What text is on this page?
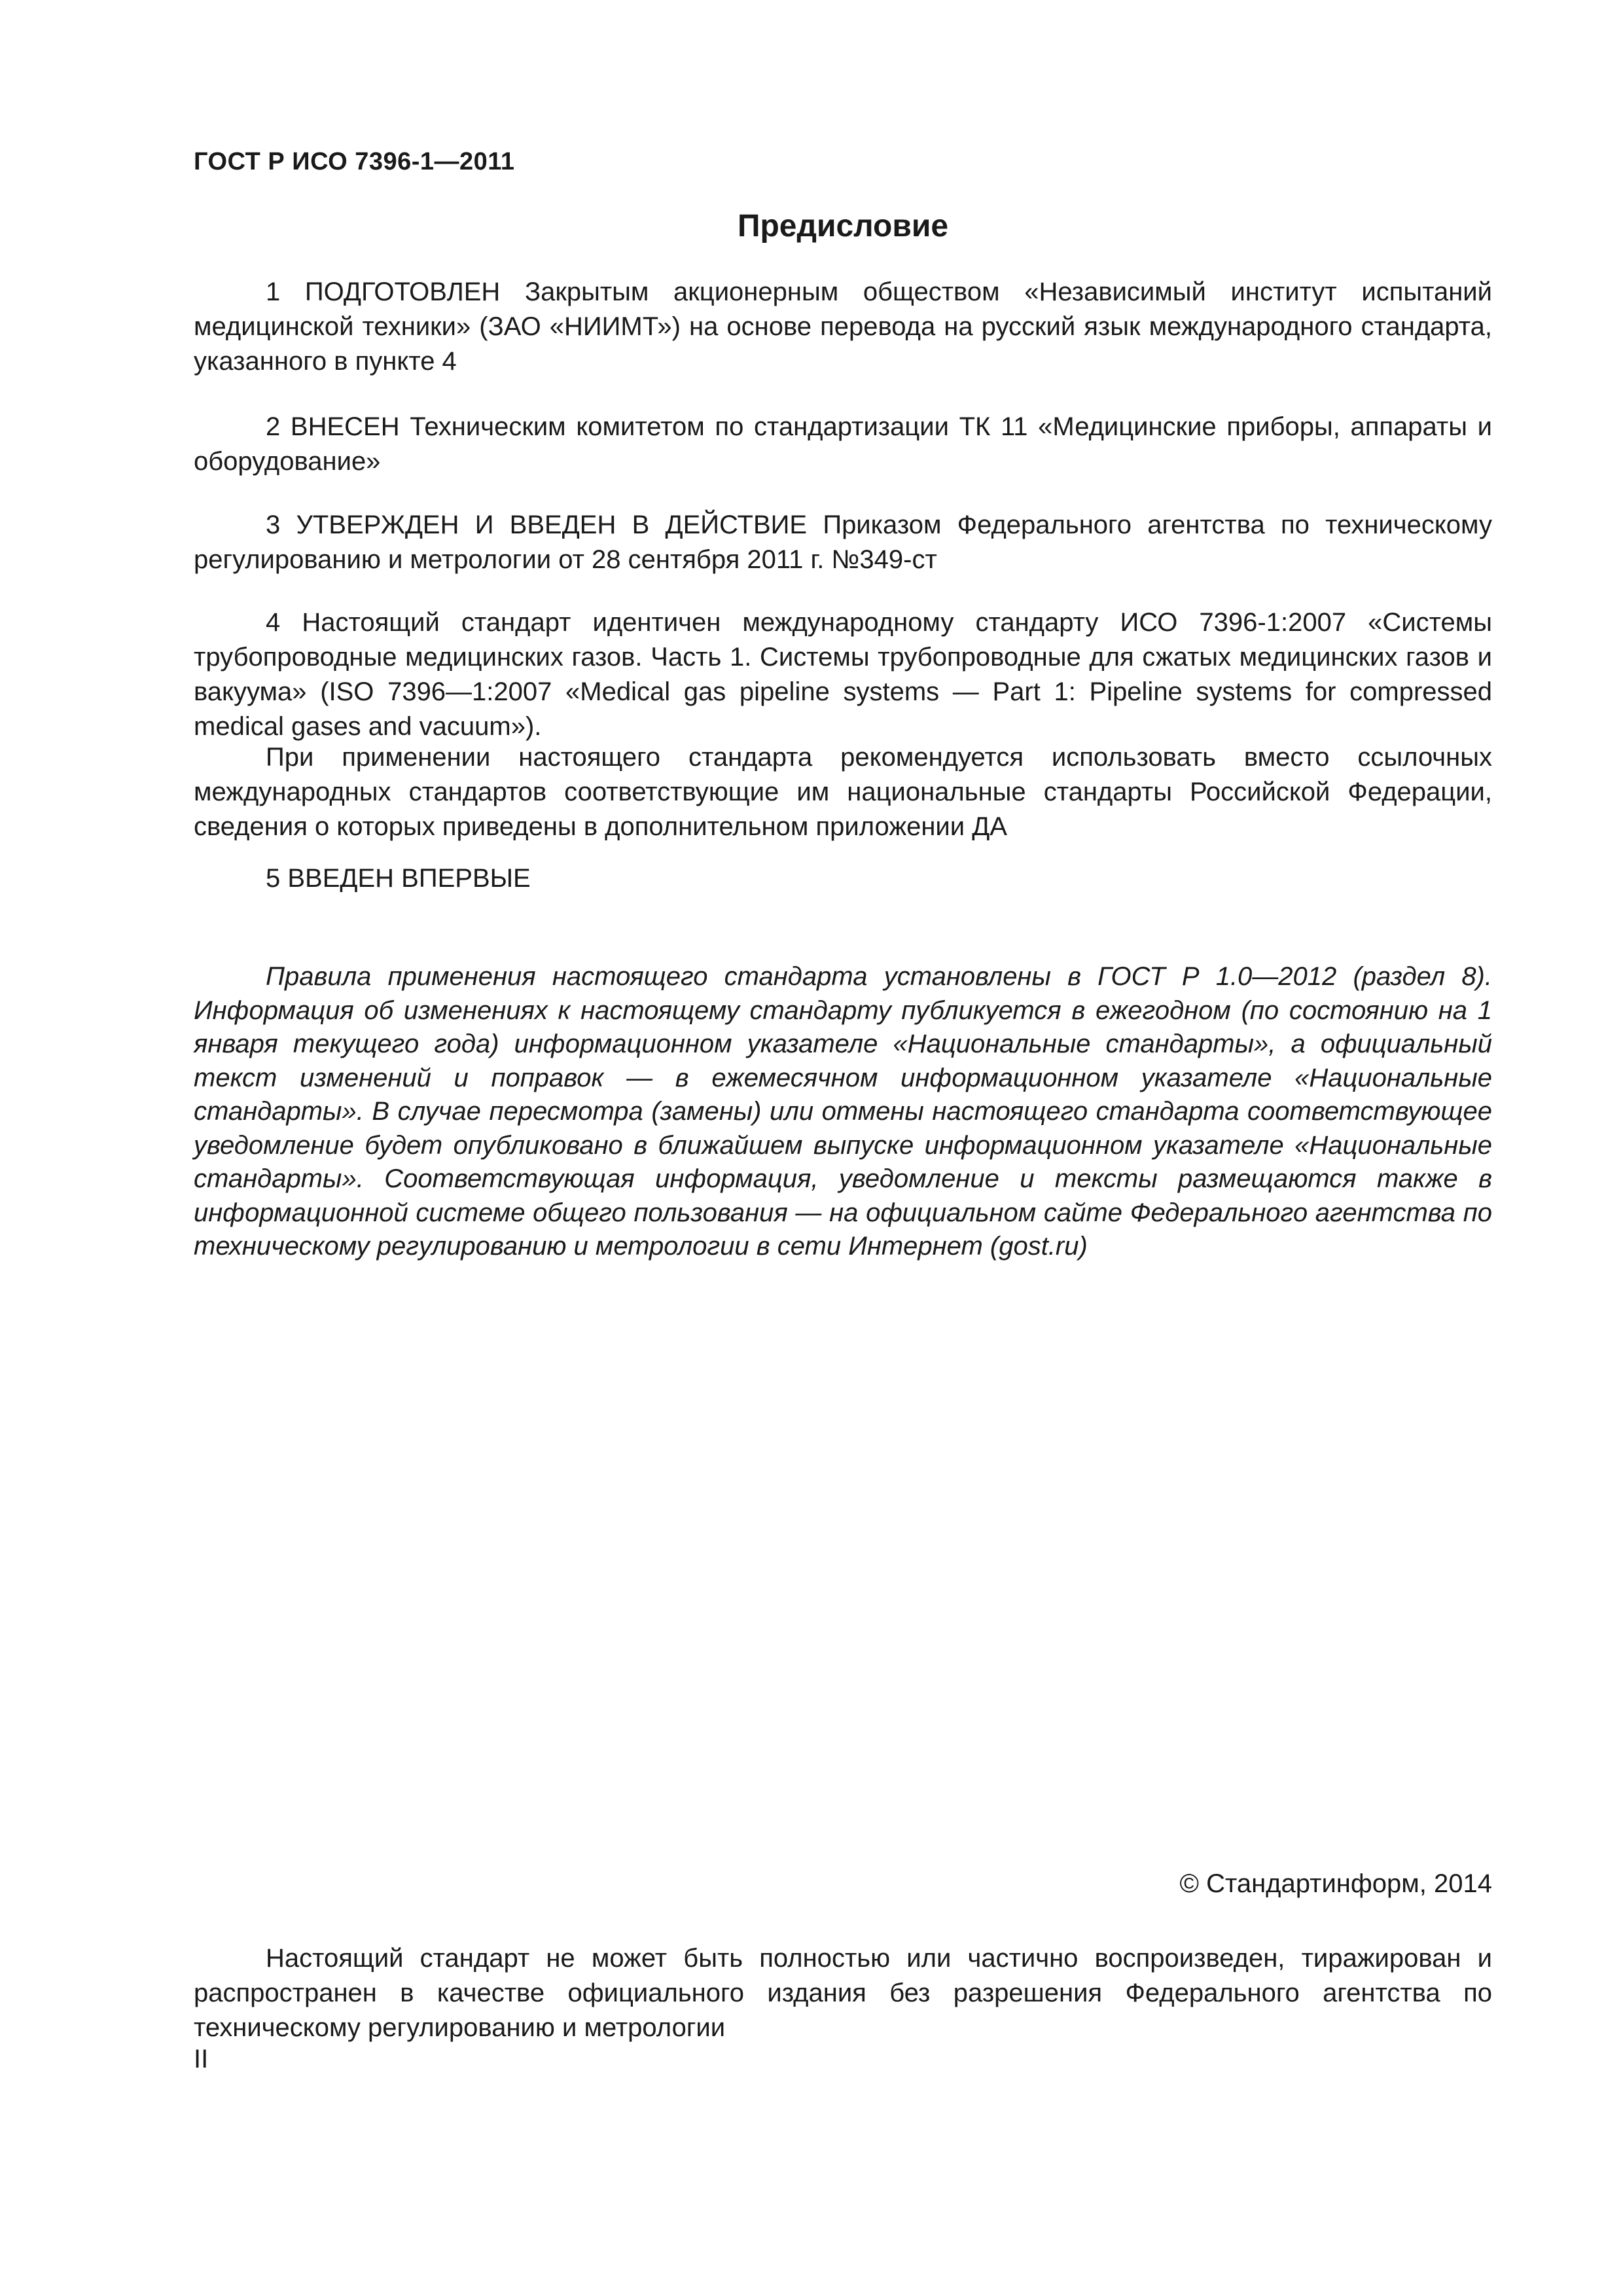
ГОСТ Р ИСО 7396-1—2011
Предисловие

1 ПОДГОТОВЛЕН Закрытым акционерным обществом «Независимый институт испытаний медицинской техники» (ЗАО «НИИМТ») на основе перевода на русский язык международного стандарта, указанного в пункте 4

2 ВНЕСЕН Техническим комитетом по стандартизации ТК 11 «Медицинские приборы, аппараты и оборудование»

3 УТВЕРЖДЕН И ВВЕДЕН В ДЕЙСТВИЕ Приказом Федерального агентства по техническому регулированию и метрологии от 28 сентября 2011 г. №349-ст

4 Настоящий стандарт идентичен международному стандарту ИСО 7396-1:2007 «Системы трубопроводные медицинских газов. Часть 1. Системы трубопроводные для сжатых медицинских газов и вакуума» (ISO 7396—1:2007 «Medical gas pipeline systems — Part 1: Pipeline systems for compressed medical gases and vacuum»).

При применении настоящего стандарта рекомендуется использовать вместо ссылочных международных стандартов соответствующие им национальные стандарты Российской Федерации, сведения о которых приведены в дополнительном приложении ДА

5 ВВЕДЕН ВПЕРВЫЕ

Правила применения настоящего стандарта установлены в ГОСТ Р 1.0—2012 (раздел 8). Информация об изменениях к настоящему стандарту публикуется в ежегодном (по состоянию на 1 января текущего года) информационном указателе «Национальные стандарты», а официальный текст изменений и поправок — в ежемесячном информационном указателе «Национальные стандарты». В случае пересмотра (замены) или отмены настоящего стандарта соответствующее уведомление будет опубликовано в ближайшем выпуске информационном указателе «Национальные стандарты». Соответствующая информация, уведомление и тексты размещаются также в информационной системе общего пользования — на официальном сайте Федерального агентства по техническому регулированию и метрологии в сети Интернет (gost.ru)

© Стандартинформ, 2014

Настоящий стандарт не может быть полностью или частично воспроизведен, тиражирован и распространен в качестве официального издания без разрешения Федерального агентства по техническому регулированию и метрологии

II
